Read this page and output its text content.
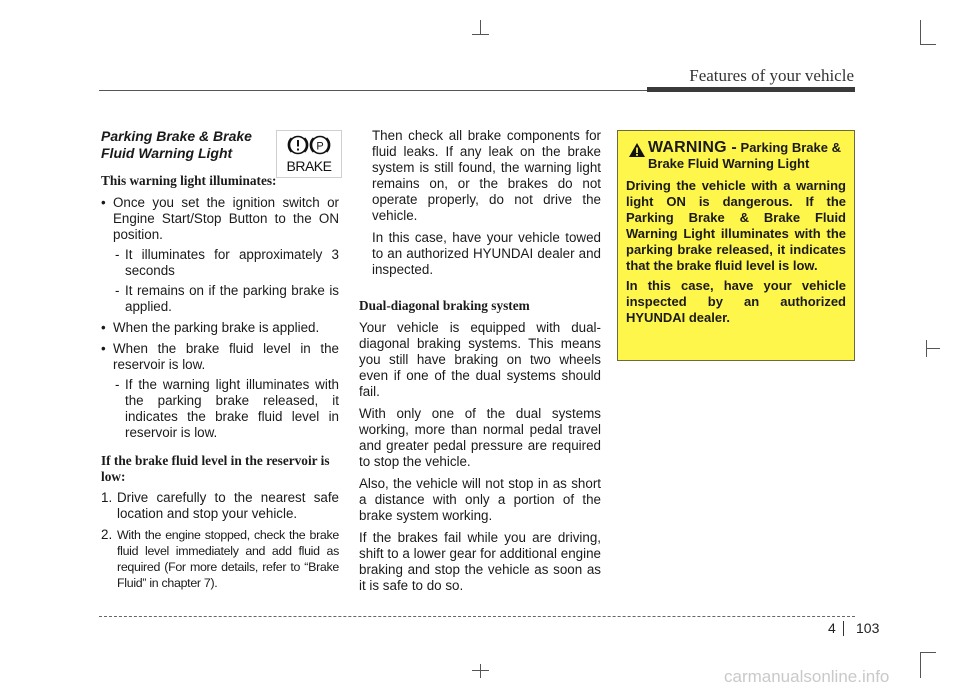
Features of your vehicle
P
BRAKE
Parking Brake & Brake Fluid Warning Light

This warning light illuminates:

• Once you set the ignition switch or Engine Start/Stop Button to the ON position.

- It illuminates for approximately 3 seconds

- It remains on if the parking brake is applied.

• When the parking brake is applied.

• When the brake fluid level in the reservoir is low.

- If the warning light illuminates with the parking brake released, it indicates the brake fluid level in reservoir is low.

If the brake fluid level in the reservoir is low:

1. Drive carefully to the nearest safe location and stop your vehicle.
2. With the engine stopped, check the brake fluid level immediately and add fluid as required (For more details, refer to “Brake Fluid” in chapter 7).

Then check all brake components for fluid leaks. If any leak on the brake system is still found, the warning light remains on, or the brakes do not operate properly, do not drive the vehicle.

In this case, have your vehicle towed to an authorized HYUNDAI dealer and inspected.

Dual-diagonal braking system

Your vehicle is equipped with dual-diagonal braking systems. This means you still have braking on two wheels even if one of the dual systems should fail.

With only one of the dual systems working, more than normal pedal travel and greater pedal pressure are required to stop the vehicle.

Also, the vehicle will not stop in as short a distance with only a portion of the brake system working.

If the brakes fail while you are driving, shift to a lower gear for additional engine braking and stop the vehicle as soon as it is safe to do so.

WARNING - Parking Brake & Brake Fluid Warning Light

Driving the vehicle with a warning light ON is dangerous. If the Parking Brake & Brake Fluid Warning Light illuminates with the parking brake released, it indicates that the brake fluid level is low.

In this case, have your vehicle inspected by an authorized HYUNDAI dealer.

4 103
carmanualsonline.info
